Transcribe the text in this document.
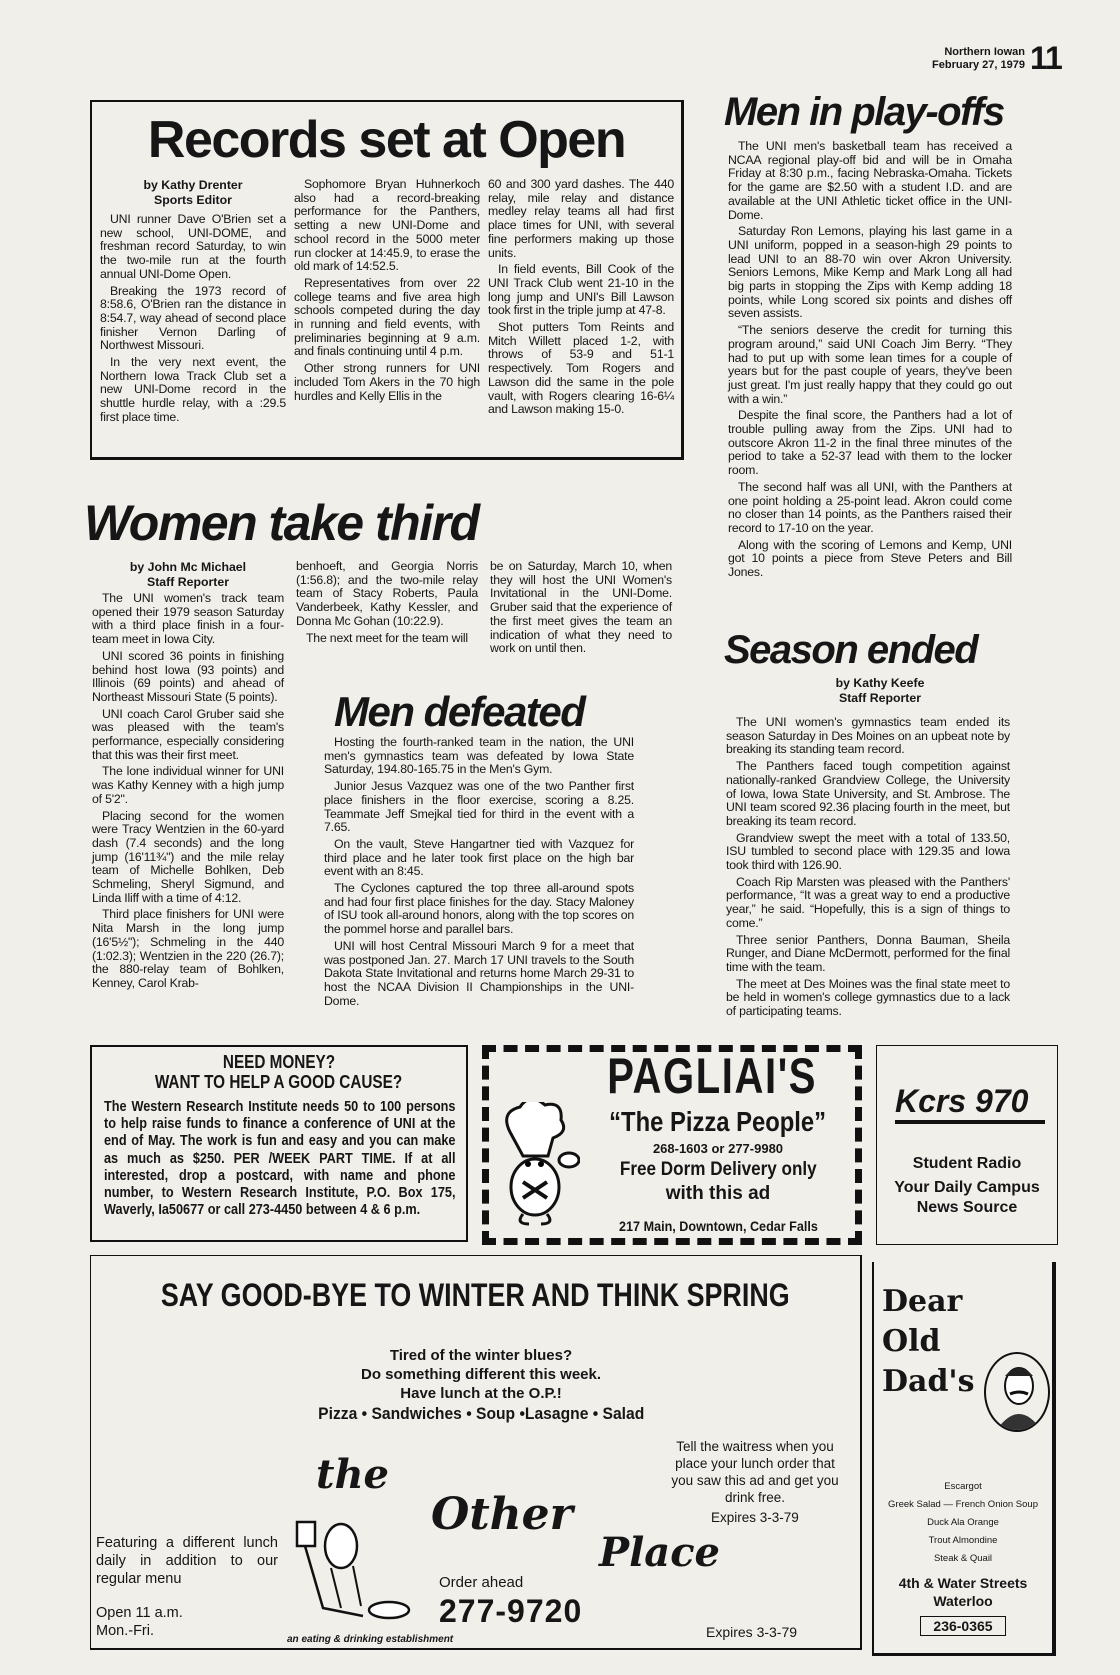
Northern Iowan
February 27, 1979 11
Records set at Open
by Kathy Drenter
Sports Editor

UNI runner Dave O'Brien set a new school, UNI-DOME, and freshman record Saturday, to win the two-mile run at the fourth annual UNI-Dome Open.

Breaking the 1973 record of 8:58.6, O'Brien ran the distance in 8:54.7, way ahead of second place finisher Vernon Darling of Northwest Missouri.

In the very next event, the Northern Iowa Track Club set a new UNI-Dome record in the shuttle hurdle relay, with a :29.5 first place time.

Sophomore Bryan Huhnerkoch also had a record-breaking performance for the Panthers, setting a new UNI-Dome and school record in the 5000 meter run clocker at 14:45.9, to erase the old mark of 14:52.5.

Representatives from over 22 college teams and five area high schools competed during the day in running and field events, with preliminaries beginning at 9 a.m. and finals continuing until 4 p.m.

Other strong runners for UNI included Tom Akers in the 70 high hurdles and Kelly Ellis in the

60 and 300 yard dashes. The 440 relay, mile relay and distance medley relay teams all had first place times for UNI, with several fine performers making up those units.

In field events, Bill Cook of the UNI Track Club went 21-10 in the long jump and UNI's Bill Lawson took first in the triple jump at 47-8.

Shot putters Tom Reints and Mitch Willett placed 1-2, with throws of 53-9 and 51-1 respectively. Tom Rogers and Lawson did the same in the pole vault, with Rogers clearing 16-6¼ and Lawson making 15-0.

Men in play-offs

The UNI men's basketball team has received a NCAA regional play-off bid and will be in Omaha Friday at 8:30 p.m., facing Nebraska-Omaha. Tickets for the game are $2.50 with a student I.D. and are available at the UNI Athletic ticket office in the UNI-Dome.

Saturday Ron Lemons, playing his last game in a UNI uniform, popped in a season-high 29 points to lead UNI to an 88-70 win over Akron University. Seniors Lemons, Mike Kemp and Mark Long all had big parts in stopping the Zips with Kemp adding 18 points, while Long scored six points and dishes off seven assists.

“The seniors deserve the credit for turning this program around,” said UNI Coach Jim Berry. “They had to put up with some lean times for a couple of years but for the past couple of years, they've been just great. I'm just really happy that they could go out with a win.”

Despite the final score, the Panthers had a lot of trouble pulling away from the Zips. UNI had to outscore Akron 11-2 in the final three minutes of the period to take a 52-37 lead with them to the locker room.

The second half was all UNI, with the Panthers at one point holding a 25-point lead. Akron could come no closer than 14 points, as the Panthers raised their record to 17-10 on the year.

Along with the scoring of Lemons and Kemp, UNI got 10 points a piece from Steve Peters and Bill Jones.

Women take third
by John Mc Michael
Staff Reporter

The UNI women's track team opened their 1979 season Saturday with a third place finish in a four-team meet in Iowa City.

UNI scored 36 points in finishing behind host Iowa (93 points) and Illinois (69 points) and ahead of Northeast Missouri State (5 points).

UNI coach Carol Gruber said she was pleased with the team's performance, especially considering that this was their first meet.

The lone individual winner for UNI was Kathy Kenney with a high jump of 5'2".

Placing second for the women were Tracy Wentzien in the 60-yard dash (7.4 seconds) and the long jump (16'11¾") and the mile relay team of Michelle Bohlken, Deb Schmeling, Sheryl Sigmund, and Linda Iliff with a time of 4:12.

Third place finishers for UNI were Nita Marsh in the long jump (16'5½"); Schmeling in the 440 (1:02.3); Wentzien in the 220 (26.7); the 880-relay team of Bohlken, Kenney, Carol Krab-

benhoeft, and Georgia Norris (1:56.8); and the two-mile relay team of Stacy Roberts, Paula Vanderbeek, Kathy Kessler, and Donna Mc Gohan (10:22.9).

The next meet for the team will

be on Saturday, March 10, when they will host the UNI Women's Invitational in the UNI-Dome. Gruber said that the experience of the first meet gives the team an indication of what they need to work on until then.

Men defeated

Hosting the fourth-ranked team in the nation, the UNI men's gymnastics team was defeated by Iowa State Saturday, 194.80-165.75 in the Men's Gym.

Junior Jesus Vazquez was one of the two Panther first place finishers in the floor exercise, scoring a 8.25. Teammate Jeff Smejkal tied for third in the event with a 7.65.

On the vault, Steve Hangartner tied with Vazquez for third place and he later took first place on the high bar event with an 8:45.

The Cyclones captured the top three all-around spots and had four first place finishes for the day. Stacy Maloney of ISU took all-around honors, along with the top scores on the pommel horse and parallel bars.

UNI will host Central Missouri March 9 for a meet that was postponed Jan. 27. March 17 UNI travels to the South Dakota State Invitational and returns home March 29-31 to host the NCAA Division II Championships in the UNI-Dome.

Season ended
by Kathy Keefe
Staff Reporter

The UNI women's gymnastics team ended its season Saturday in Des Moines on an upbeat note by breaking its standing team record.

The Panthers faced tough competition against nationally-ranked Grandview College, the University of Iowa, Iowa State University, and St. Ambrose. The UNI team scored 92.36 placing fourth in the meet, but breaking its team record.

Grandview swept the meet with a total of 133.50, ISU tumbled to second place with 129.35 and Iowa took third with 126.90.

Coach Rip Marsten was pleased with the Panthers' performance, “It was a great way to end a productive year,” he said. “Hopefully, this is a sign of things to come.”

Three senior Panthers, Donna Bauman, Sheila Runger, and Diane McDermott, performed for the final time with the team.

The meet at Des Moines was the final state meet to be held in women's college gymnastics due to a lack of participating teams.

NEED MONEY?
WANT TO HELP A GOOD CAUSE?
The Western Research Institute needs 50 to 100 persons to help raise funds to finance a conference of UNI at the end of May. The work is fun and easy and you can make as much as $250. PER /WEEK PART TIME. If at all interested, drop a postcard, with name and phone number, to Western Research Institute, P.O. Box 175, Waverly, Ia50677 or call 273-4450 between 4 & 6 p.m.
PAGLIAI'S
“The Pizza People”
268-1603 or 277-9980
Free Dorm Delivery only
with this ad
217 Main, Downtown, Cedar Falls
Kcrs 970
Student Radio
Your Daily Campus
News Source
SAY GOOD-BYE TO WINTER AND THINK SPRING
Tired of the winter blues?
Do something different this week.
Have lunch at the O.P.!
Pizza • Sandwiches • Soup •Lasagne • Salad
the
Other
Place
Featuring a different lunch daily in addition to our regular menu
Open 11 a.m.
Mon.-Fri.
Order ahead
277-9720
an eating & drinking establishment
Tell the waitress when you place your lunch order that you saw this ad and get you drink free.
Expires 3-3-79
Expires 3-3-79
Dear Old Dad's
Escargot
Greek Salad — French Onion Soup
Duck Ala Orange
Trout Almondine
Steak & Quail
4th & Water Streets
Waterloo
236-0365
